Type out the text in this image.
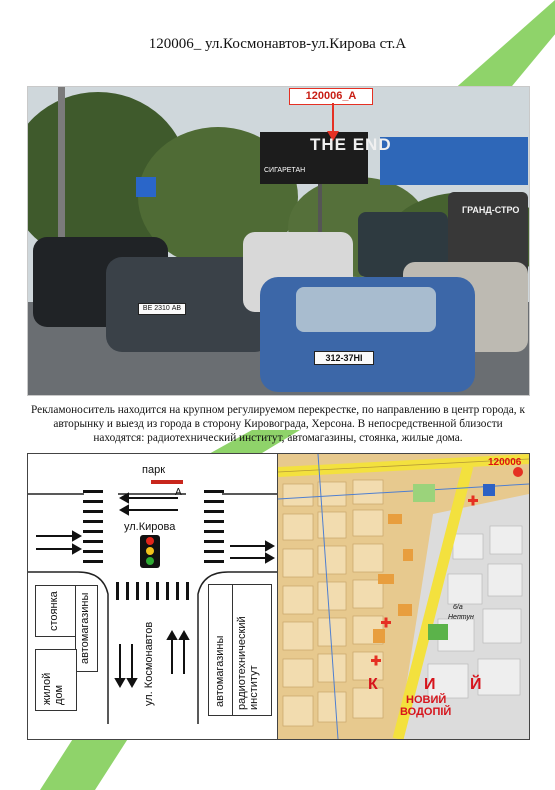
120006_ ул.Космонавтов-ул.Кирова ст.А
120006_A
THE END
СИГАРЕТАН
ГРАНД-СТРО
ВЕ 2310 АВ
312-37НІ
Рекламоноситель находится на крупном регулируемом перекрестке, по направлению в центр города, к авторынку и выезд из города в сторону Кировограда, Херсона. В непосредственной близости находятся: радиотехнический институт, автомагазины, стоянка, жилые дома.
парк
А
ул.Кирова
ул. Космонавтов
стоянка автомагазины
жилой дом	автомагазины радиотехнический институт
120006
К	И Й
НОВИЙ
ВОДОПІЙ
Нептун
6/а
